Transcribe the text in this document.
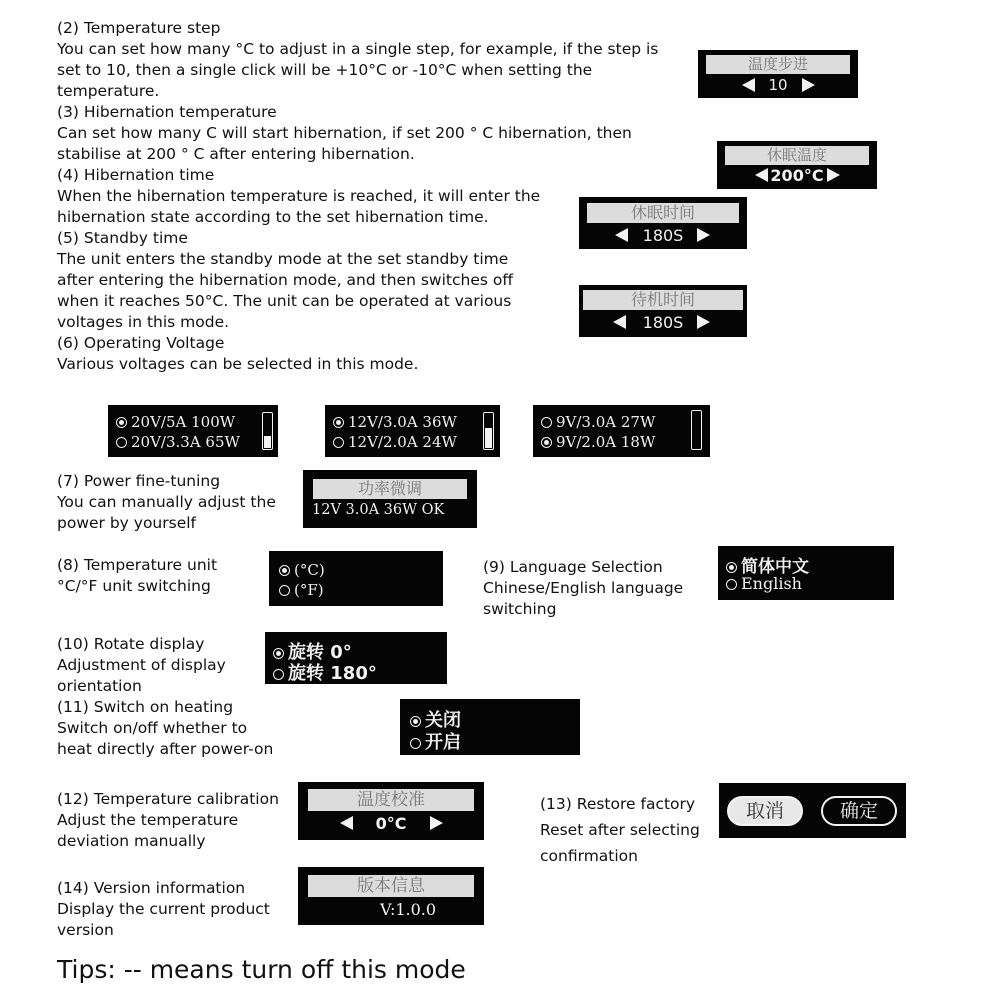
(2) Temperature step

You can set how many °C to adjust in a single step, for example, if the step is

set to 10, then a single click will be +10°C or -10°C when setting the

temperature.

(3) Hibernation temperature

Can set how many C will start hibernation, if set 200 ° C hibernation, then

stabilise at 200 ° C after entering hibernation.

(4) Hibernation time

When the hibernation temperature is reached, it will enter the

hibernation state according to the set hibernation time.

(5) Standby time

The unit enters the standby mode at the set standby time

after entering the hibernation mode, and then switches off

when it reaches 50°C. The unit can be operated at various

voltages in this mode.

(6) Operating Voltage

Various voltages can be selected in this mode.

(7) Power fine-tuning

You can manually adjust the

power by yourself

(8) Temperature unit

°C/°F unit switching

(9) Language Selection

Chinese/English language

switching

(10) Rotate display

Adjustment of display

orientation

(11) Switch on heating

Switch on/off whether to

heat directly after power-on

(12) Temperature calibration

Adjust the temperature

deviation manually

(13) Restore factory

Reset after selecting

confirmation

(14) Version information

Display the current product

version

Tips: -- means turn off this mode
温度步进
10
休眠温度
200°C
休眠时间
180S
待机时间
180S
20V/5A 100W
20V/3.3A 65W
12V/3.0A 36W
12V/2.0A 24W
9V/3.0A 27W
9V/2.0A 18W
功率微调
12V 3.0A 36W OK
(°C)
(°F)
简体中文
English
旋转 0°
旋转 180°
关闭
开启
温度校准
0°C
取消	确定
版本信息
V:1.0.0
